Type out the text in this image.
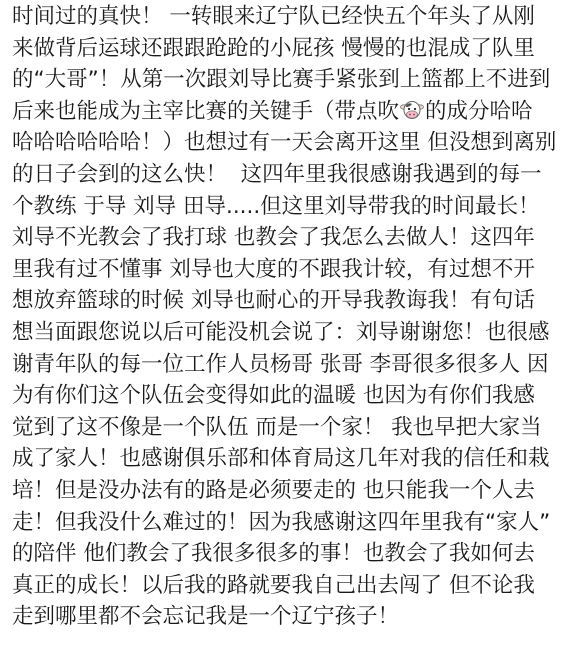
时间过的真快！ 一转眼来辽宁队已经快五个年头了从刚
来做背后运球还跟跟跄跄的小屁孩 慢慢的也混成了队里
的“大哥”！从第一次跟刘导比赛手紧张到上篮都上不进到
后来也能成为主宰比赛的关键手（带点吹 的成分哈哈
哈哈哈哈哈哈！）也想过有一天会离开这里 但没想到离别
的日子会到的这么快！  这四年里我很感谢我遇到的每一
个教练 于导 刘导 田导.....但这里刘导带我的时间最长！
刘导不光教会了我打球 也教会了我怎么去做人！这四年
里我有过不懂事 刘导也大度的不跟我计较，有过想不开
想放弃篮球的时候 刘导也耐心的开导我教诲我！有句话
想当面跟您说以后可能没机会说了：刘导谢谢您！也很感
谢青年队的每一位工作人员杨哥 张哥 李哥很多很多人 因
为有你们这个队伍会变得如此的温暖 也因为有你们我感
觉到了这不像是一个队伍 而是一个家！ 我也早把大家当
成了家人！也感谢俱乐部和体育局这几年对我的信任和栽
培！但是没办法有的路是必须要走的 也只能我一个人去
走！但我没什么难过的！因为我感谢这四年里我有“家人”
的陪伴 他们教会了我很多很多的事！也教会了我如何去
真正的成长！以后我的路就要我自己出去闯了 但不论我
走到哪里都不会忘记我是一个辽宁孩子！
